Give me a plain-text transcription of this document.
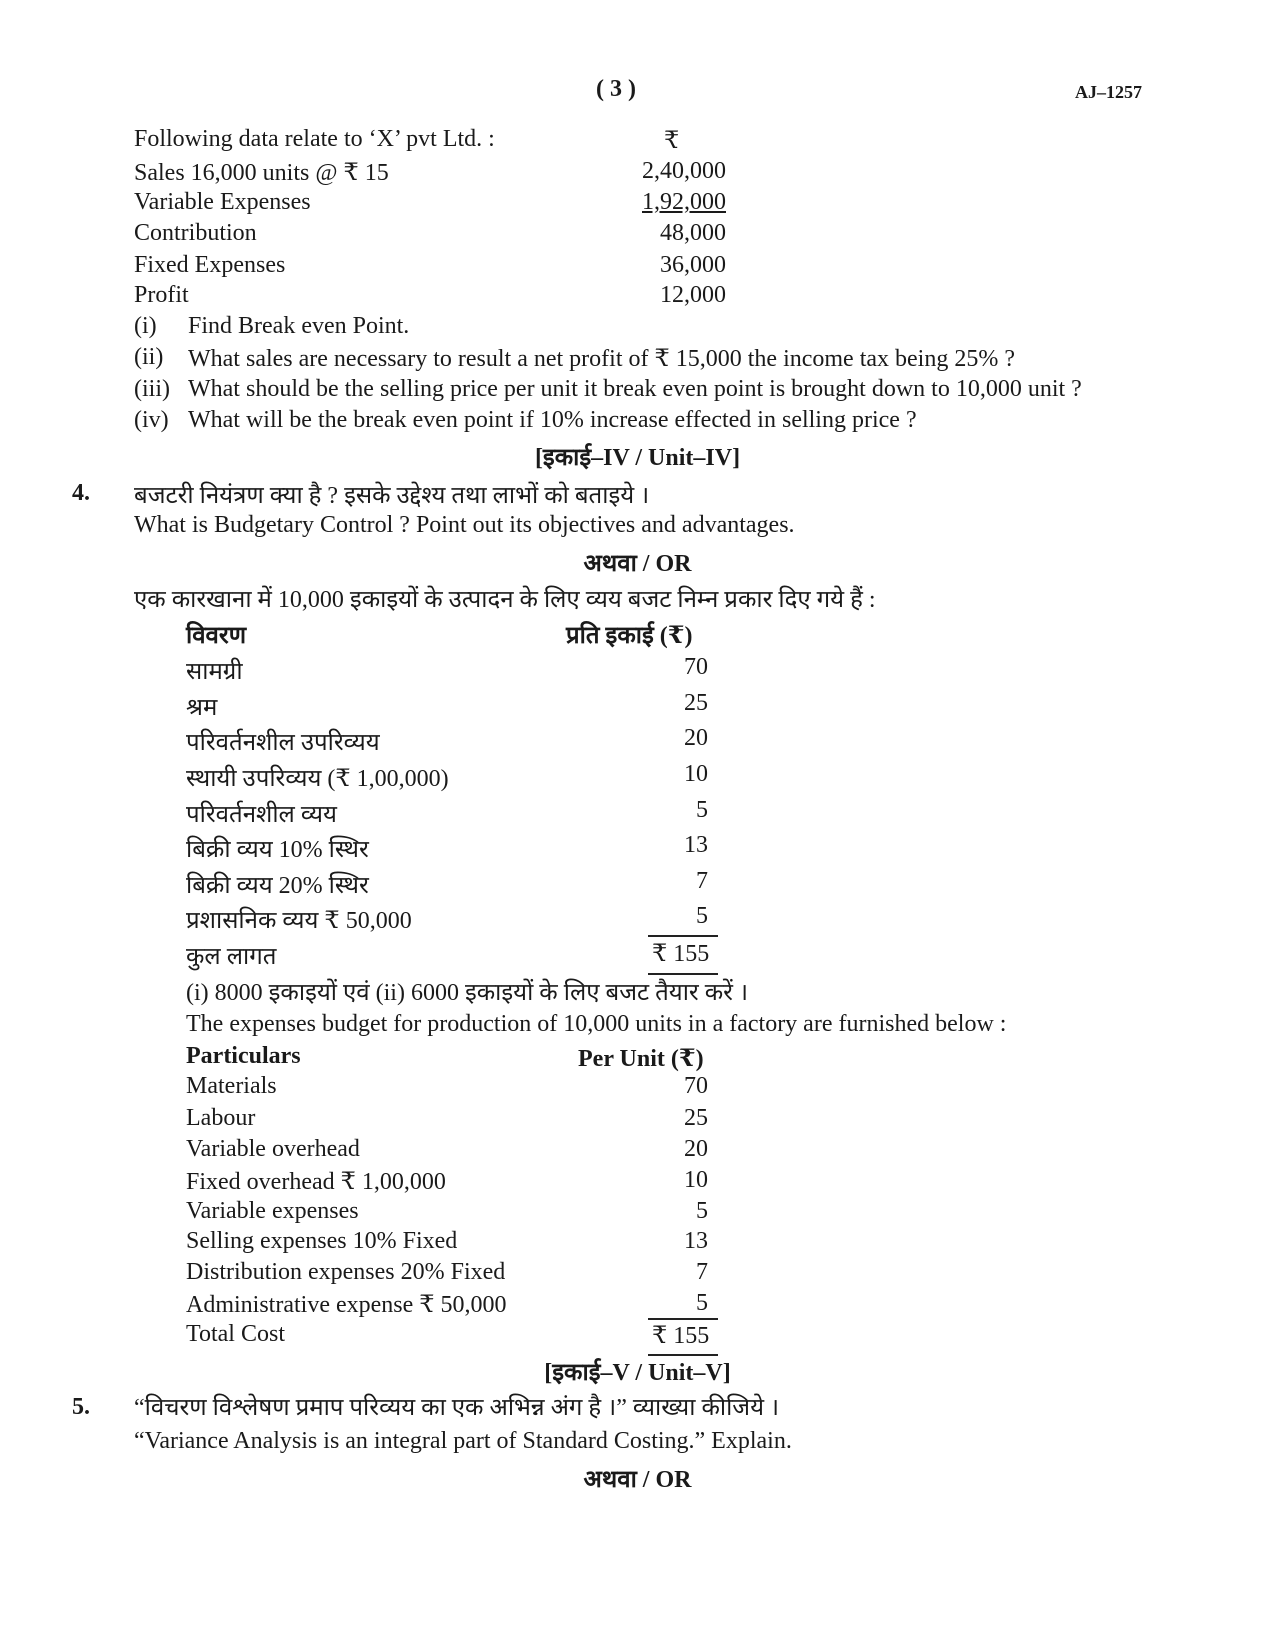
( 3 )	AJ–1257
Following data relate to ‘X’ pvt Ltd. :	₹
Sales 16,000 units @ ₹ 15	2,40,000
Variable Expenses	1,92,000
Contribution	48,000
Fixed Expenses	36,000
Profit	12,000
(i) Find Break even Point.
(ii) What sales are necessary to result a net profit of ₹ 15,000 the income tax being 25% ?
(iii) What should be the selling price per unit it break even point is brought down to 10,000 unit ?
(iv) What will be the break even point if 10% increase effected in selling price ?
[इकाई–IV / Unit–IV]
4. बजटरी नियंत्रण क्या है ? इसके उद्देश्य तथा लाभों को बताइये ।
What is Budgetary Control ? Point out its objectives and advantages.
अथवा / OR
एक कारखाना में 10,000 इकाइयों के उत्पादन के लिए व्यय बजट निम्न प्रकार दिए गये हैं :
विवरण	प्रति इकाई (₹)
सामग्री	70
श्रम	25
परिवर्तनशील उपरिव्यय	20
स्थायी उपरिव्यय (₹ 1,00,000)	10
परिवर्तनशील व्यय	5
बिक्री व्यय 10% स्थिर	13
बिक्री व्यय 20% स्थिर	7
प्रशासनिक व्यय ₹ 50,000	5
कुल लागत	₹ 155
(i) 8000 इकाइयों एवं (ii) 6000 इकाइयों के लिए बजट तैयार करें ।
The expenses budget for production of 10,000 units in a factory are furnished below :
Particulars	Per Unit (₹)
Materials	70
Labour	25
Variable overhead	20
Fixed overhead ₹ 1,00,000	10
Variable expenses	5
Selling expenses 10% Fixed	13
Distribution expenses 20% Fixed	7
Administrative expense ₹ 50,000	5
Total Cost	₹ 155
[इकाई–V / Unit–V]
5. “विचरण विश्लेषण प्रमाप परिव्यय का एक अभिन्न अंग है ।” व्याख्या कीजिये ।
“Variance Analysis is an integral part of Standard Costing.” Explain.
अथवा / OR
